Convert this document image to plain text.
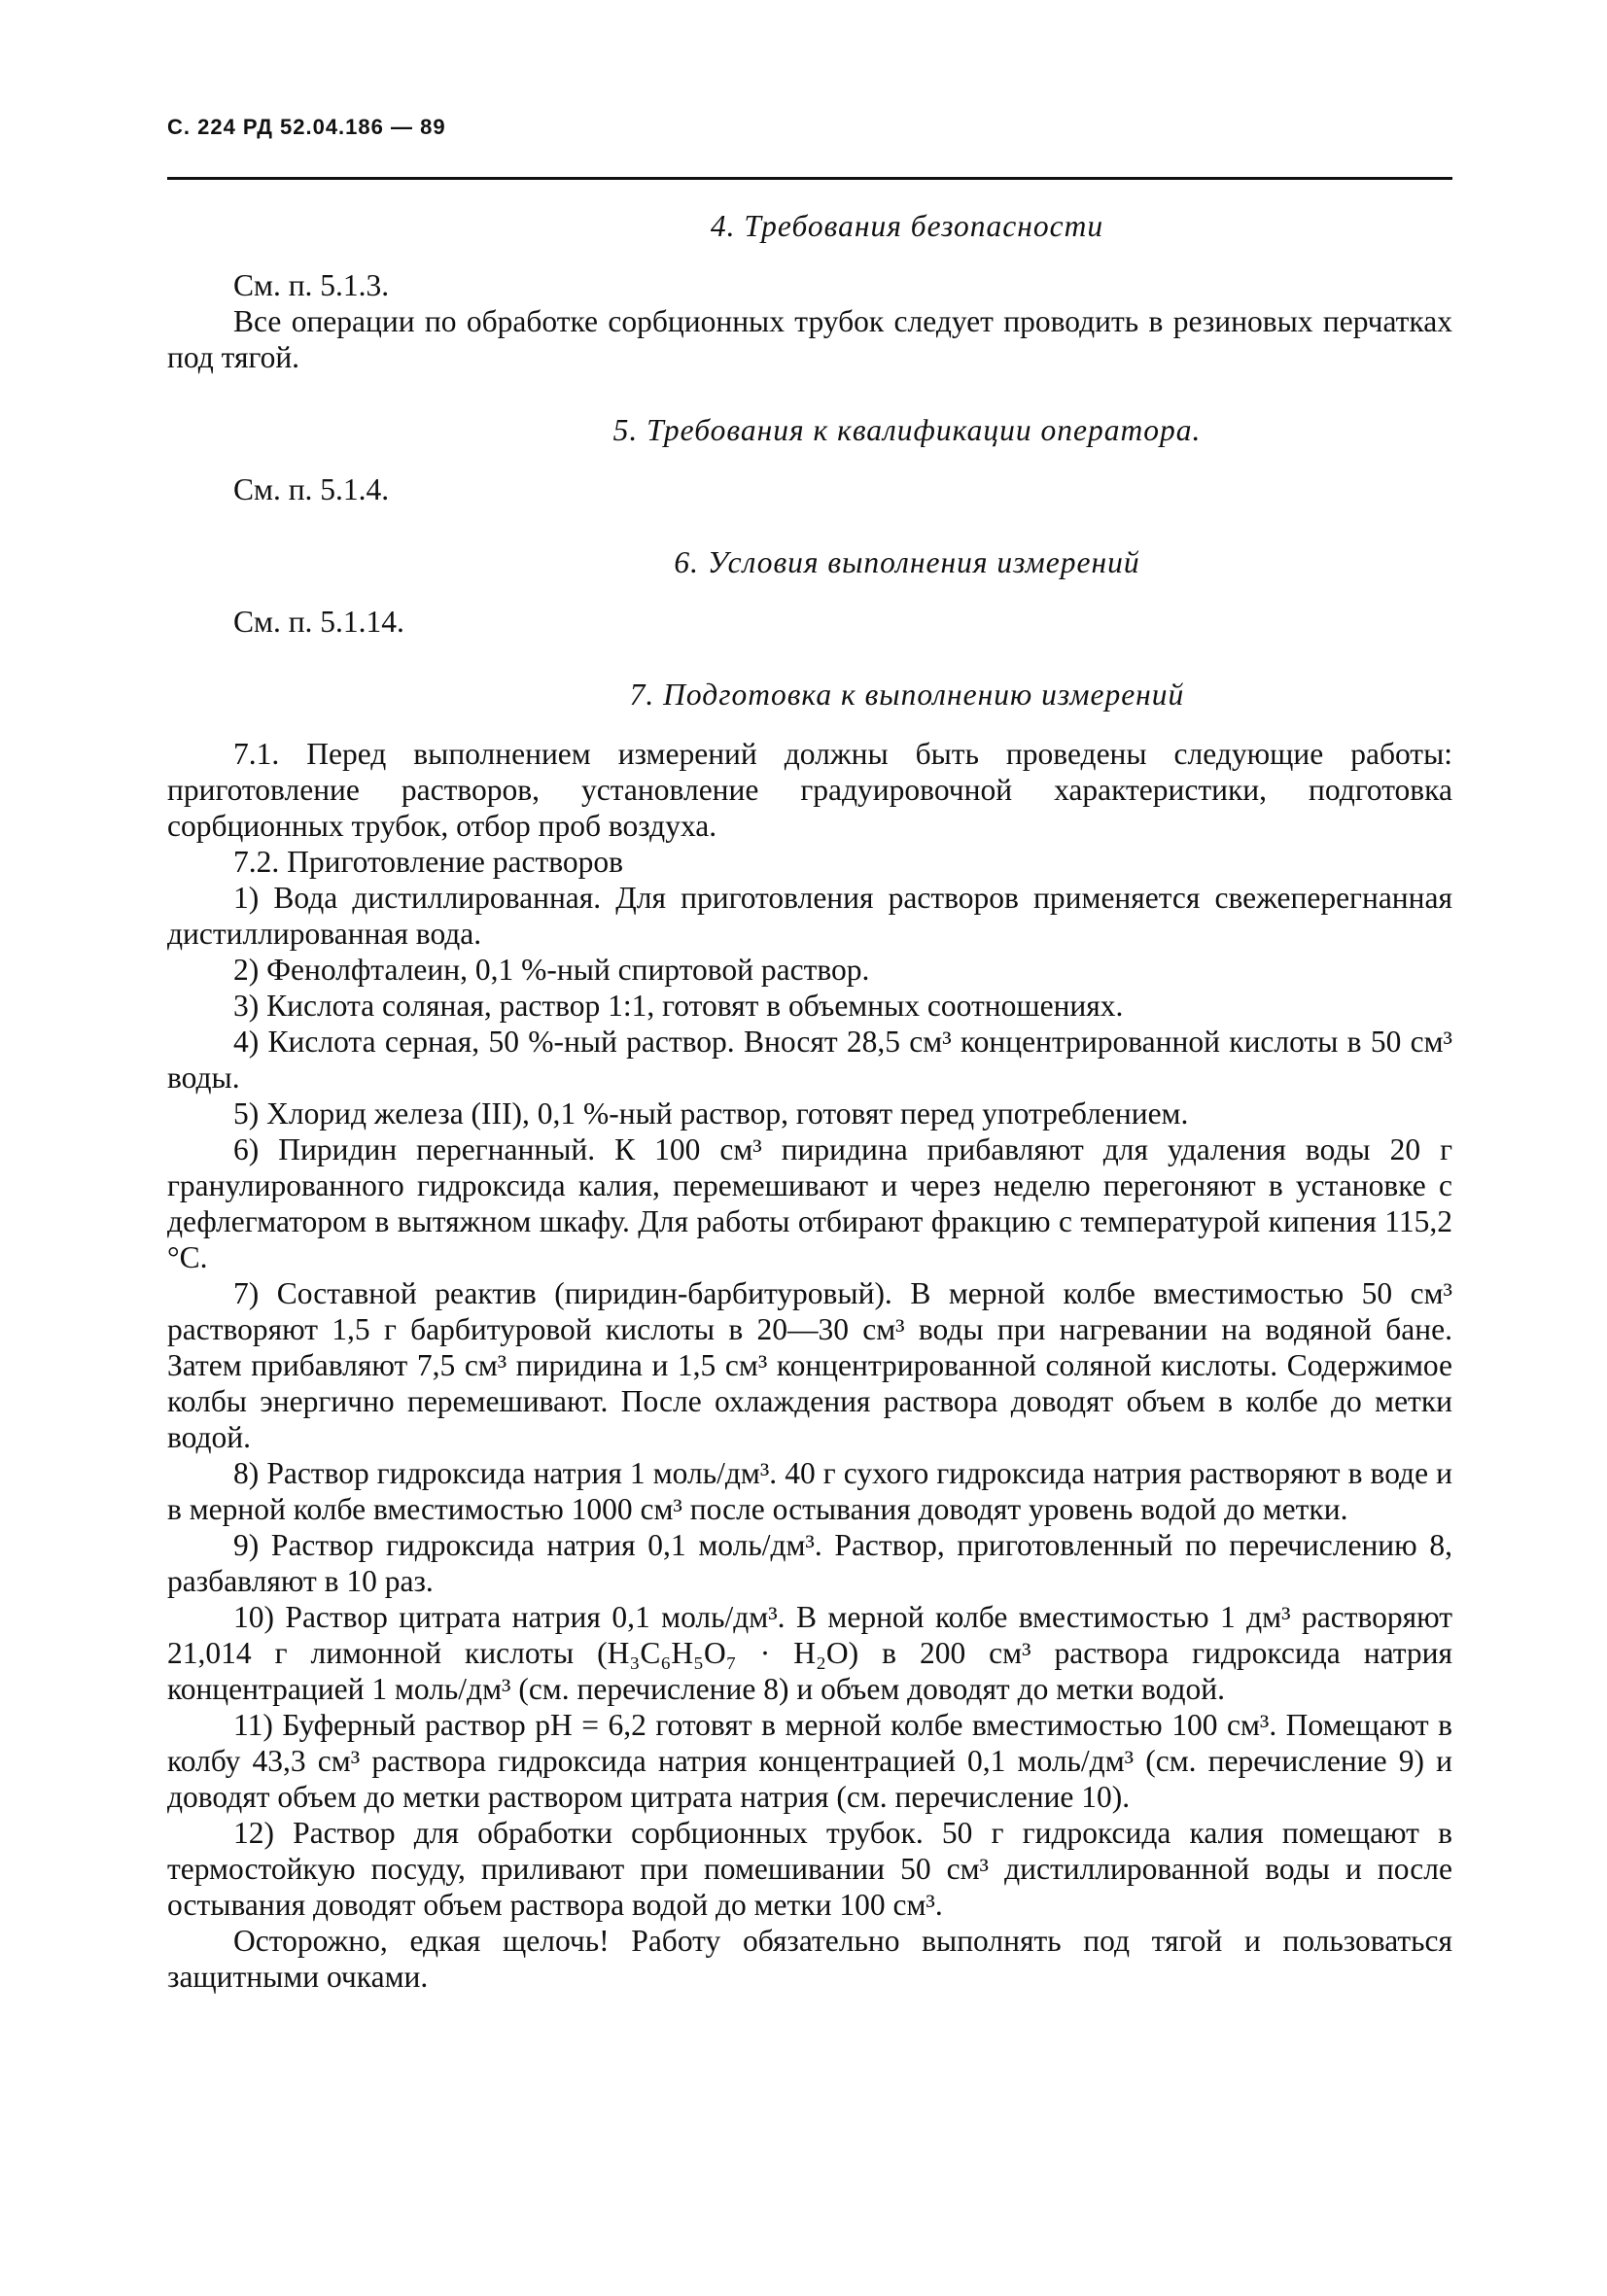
С. 224 РД 52.04.186 — 89

4. Требования безопасности

См. п. 5.1.3.

Все операции по обработке сорбционных трубок следует проводить в резиновых перчатках под тягой.

5. Требования к квалификации оператора.

См. п. 5.1.4.

6. Условия выполнения измерений

См. п. 5.1.14.

7. Подготовка к выполнению измерений

7.1. Перед выполнением измерений должны быть проведены следующие работы: приготовление растворов, установление градуировочной характеристики, подготовка сорбционных трубок, отбор проб воздуха.

7.2. Приготовление растворов

1) Вода дистиллированная. Для приготовления растворов применяется свежеперегнанная дистиллированная вода.

2) Фенолфталеин, 0,1 %-ный спиртовой раствор.

3) Кислота соляная, раствор 1:1, готовят в объемных соотношениях.

4) Кислота серная, 50 %-ный раствор. Вносят 28,5 см³ концентрированной кислоты в 50 см³ воды.

5) Хлорид железа (III), 0,1 %-ный раствор, готовят перед употреблением.

6) Пиридин перегнанный. К 100 см³ пиридина прибавляют для удаления воды 20 г гранулированного гидроксида калия, перемешивают и через неделю перегоняют в установке с дефлегматором в вытяжном шкафу. Для работы отбирают фракцию с температурой кипения 115,2 °С.

7) Составной реактив (пиридин-барбитуровый). В мерной колбе вместимостью 50 см³ растворяют 1,5 г барбитуровой кислоты в 20—30 см³ воды при нагревании на водяной бане. Затем прибавляют 7,5 см³ пиридина и 1,5 см³ концентрированной соляной кислоты. Содержимое колбы энергично перемешивают. После охлаждения раствора доводят объем в колбе до метки водой.

8) Раствор гидроксида натрия 1 моль/дм³. 40 г сухого гидроксида натрия растворяют в воде и в мерной колбе вместимостью 1000 см³ после остывания доводят уровень водой до метки.

9) Раствор гидроксида натрия 0,1 моль/дм³. Раствор, приготовленный по перечислению 8, разбавляют в 10 раз.

10) Раствор цитрата натрия 0,1 моль/дм³. В мерной колбе вместимостью 1 дм³ растворяют 21,014 г лимонной кислоты (H₃C₆H₅O₇ · H₂O) в 200 см³ раствора гидроксида натрия концентрацией 1 моль/дм³ (см. перечисление 8) и объем доводят до метки водой.

11) Буферный раствор pH = 6,2 готовят в мерной колбе вместимостью 100 см³. Помещают в колбу 43,3 см³ раствора гидроксида натрия концентрацией 0,1 моль/дм³ (см. перечисление 9) и доводят объем до метки раствором цитрата натрия (см. перечисление 10).

12) Раствор для обработки сорбционных трубок. 50 г гидроксида калия помещают в термостойкую посуду, приливают при помешивании 50 см³ дистиллированной воды и после остывания доводят объем раствора водой до метки 100 см³.

Осторожно, едкая щелочь! Работу обязательно выполнять под тягой и пользоваться защитными очками.
